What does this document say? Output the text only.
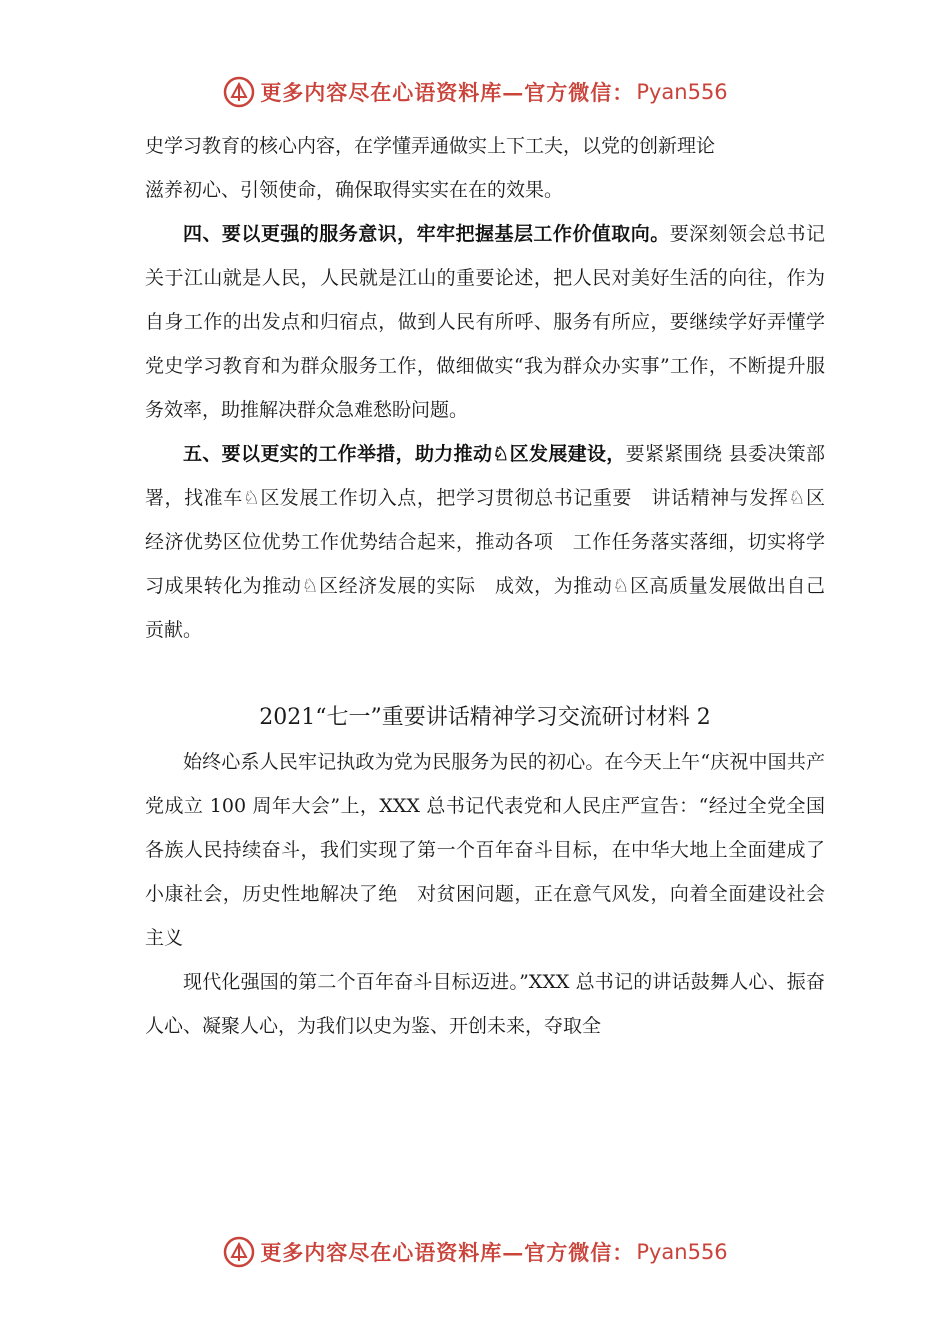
更多内容尽在心语资料库—官方微信： Pyan556

史学习教育的核心内容，在学懂弄通做实上下工夫，以党的创新理论
滋养初心、引领使命，确保取得实实在在的效果。

四、要以更强的服务意识，牢牢把握基层工作价值取向。要深刻领会总书记关于江山就是人民，人民就是江山的重要论述，把人民对美好生活的向往，作为自身工作的出发点和归宿点，做到人民有所呼、服务有所应，要继续学好弄懂学党史学习教育和为群众服务工作，做细做实“我为群众办实事”工作，不断提升服务效率，助推解决群众急难愁盼问题。

五、要以更实的工作举措，助力推动♘区发展建设，要紧紧围绕 县委决策部署，找准车♘区发展工作切入点，把学习贯彻总书记重要　讲话精神与发挥♘区经济优势区位优势工作优势结合起来，推动各项　工作任务落实落细，切实将学习成果转化为推动♘区经济发展的实际　成效，为推动♘区高质量发展做出自己贡献。

2021“七一”重要讲话精神学习交流研讨材料 2

始终心系人民牢记执政为党为民服务为民的初心。在今天上午“庆祝中国共产党成立 100 周年大会”上，XXX 总书记代表党和人民庄严宣告：“经过全党全国各族人民持续奋斗，我们实现了第一个百年奋斗目标，在中华大地上全面建成了小康社会，历史性地解决了绝　对贫困问题，正在意气风发，向着全面建设社会主义

现代化强国的第二个百年奋斗目标迈进。”XXX 总书记的讲话鼓舞人心、振奋人心、凝聚人心，为我们以史为鉴、开创未来，夺取全

更多内容尽在心语资料库—官方微信： Pyan556
